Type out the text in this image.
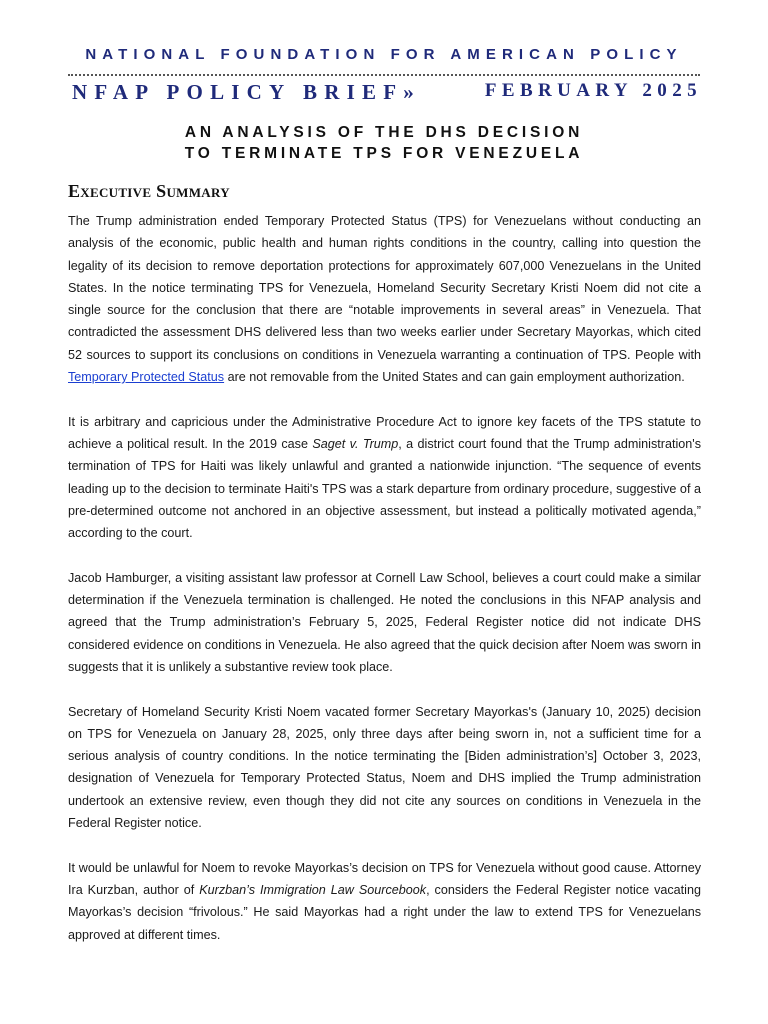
NATIONAL FOUNDATION FOR AMERICAN POLICY
NFAP POLICY BRIEF»	FEBRUARY 2025
AN ANALYSIS OF THE DHS DECISION
TO TERMINATE TPS FOR VENEZUELA
Executive Summary

The Trump administration ended Temporary Protected Status (TPS) for Venezuelans without conducting an analysis of the economic, public health and human rights conditions in the country, calling into question the legality of its decision to remove deportation protections for approximately 607,000 Venezuelans in the United States. In the notice terminating TPS for Venezuela, Homeland Security Secretary Kristi Noem did not cite a single source for the conclusion that there are “notable improvements in several areas” in Venezuela. That contradicted the assessment DHS delivered less than two weeks earlier under Secretary Mayorkas, which cited 52 sources to support its conclusions on conditions in Venezuela warranting a continuation of TPS. People with Temporary Protected Status are not removable from the United States and can gain employment authorization.

It is arbitrary and capricious under the Administrative Procedure Act to ignore key facets of the TPS statute to achieve a political result. In the 2019 case Saget v. Trump, a district court found that the Trump administration's termination of TPS for Haiti was likely unlawful and granted a nationwide injunction. “The sequence of events leading up to the decision to terminate Haiti's TPS was a stark departure from ordinary procedure, suggestive of a pre-determined outcome not anchored in an objective assessment, but instead a politically motivated agenda,” according to the court.

Jacob Hamburger, a visiting assistant law professor at Cornell Law School, believes a court could make a similar determination if the Venezuela termination is challenged. He noted the conclusions in this NFAP analysis and agreed that the Trump administration’s February 5, 2025, Federal Register notice did not indicate DHS considered evidence on conditions in Venezuela. He also agreed that the quick decision after Noem was sworn in suggests that it is unlikely a substantive review took place.

Secretary of Homeland Security Kristi Noem vacated former Secretary Mayorkas's (January 10, 2025) decision on TPS for Venezuela on January 28, 2025, only three days after being sworn in, not a sufficient time for a serious analysis of country conditions. In the notice terminating the [Biden administration’s] October 3, 2023, designation of Venezuela for Temporary Protected Status, Noem and DHS implied the Trump administration undertook an extensive review, even though they did not cite any sources on conditions in Venezuela in the Federal Register notice.

It would be unlawful for Noem to revoke Mayorkas’s decision on TPS for Venezuela without good cause. Attorney Ira Kurzban, author of Kurzban’s Immigration Law Sourcebook, considers the Federal Register notice vacating Mayorkas’s decision “frivolous.” He said Mayorkas had a right under the law to extend TPS for Venezuelans approved at different times.
